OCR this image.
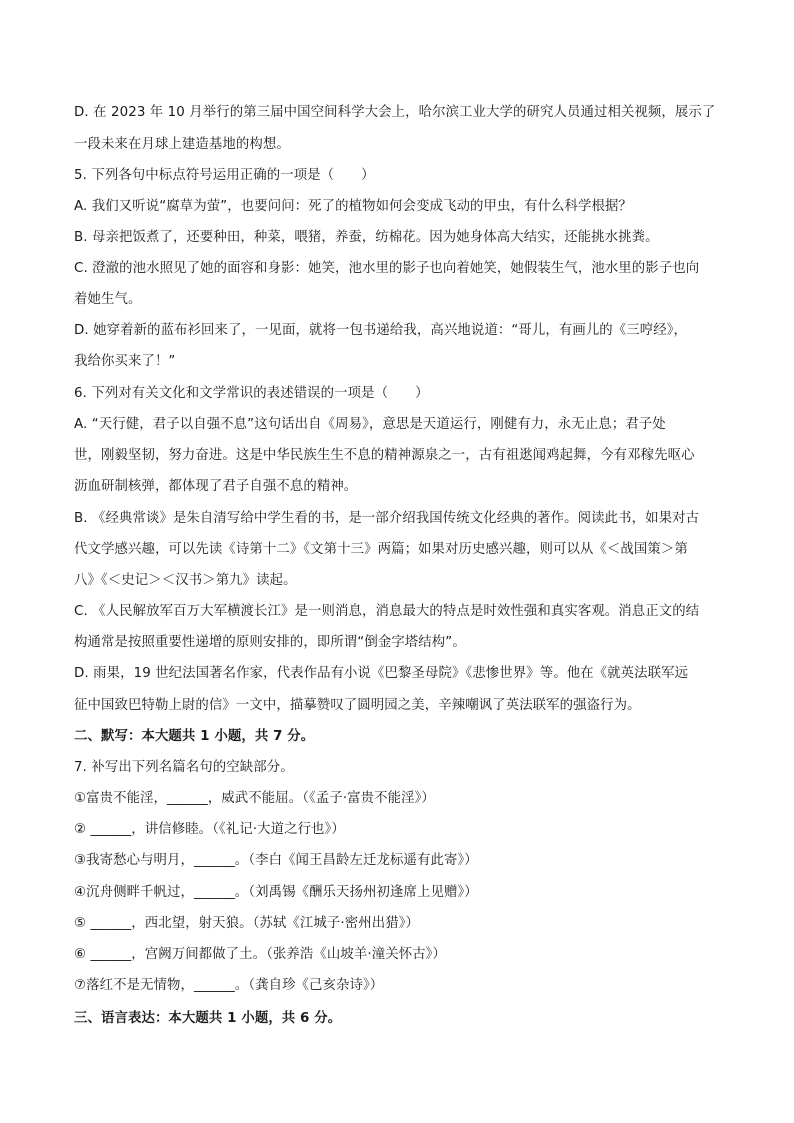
D. 在 2023 年 10 月举行的第三届中国空间科学大会上，哈尔滨工业大学的研究人员通过相关视频，展示了
一段未来在月球上建造基地的构想。
5. 下列各句中标点符号运用正确的一项是（　　）
A. 我们又听说“腐草为萤”，也要问问：死了的植物如何会变成飞动的甲虫，有什么科学根据？
B. 母亲把饭煮了，还要种田，种菜，喂猪，养蚕，纺棉花。因为她身体高大结实，还能挑水挑粪。
C. 澄澈的池水照见了她的面容和身影：她笑，池水里的影子也向着她笑，她假装生气，池水里的影子也向
着她生气。
D. 她穿着新的蓝布衫回来了，一见面，就将一包书递给我，高兴地说道：“哥儿，有画儿的《三哼经》，
我给你买来了！”
6. 下列对有关文化和文学常识的表述错误的一项是（　　）
A. “天行健，君子以自强不息”这句话出自《周易》，意思是天道运行，刚健有力，永无止息；君子处
世，刚毅坚韧，努力奋进。这是中华民族生生不息的精神源泉之一，古有祖逖闻鸡起舞，今有邓稼先呕心
沥血研制核弹，都体现了君子自强不息的精神。
B. 《经典常谈》是朱自清写给中学生看的书，是一部介绍我国传统文化经典的著作。阅读此书，如果对古
代文学感兴趣，可以先读《诗第十二》《文第十三》两篇；如果对历史感兴趣，则可以从《＜战国策＞第
八》《＜史记＞＜汉书＞第九》读起。
C. 《人民解放军百万大军横渡长江》是一则消息，消息最大的特点是时效性强和真实客观。消息正文的结
构通常是按照重要性递增的原则安排的，即所谓“倒金字塔结构”。
D. 雨果，19 世纪法国著名作家，代表作品有小说《巴黎圣母院》《悲惨世界》等。他在《就英法联军远
征中国致巴特勒上尉的信》一文中，描摹赞叹了圆明园之美，辛辣嘲讽了英法联军的强盗行为。
二、默写：本大题共 1 小题，共 7 分。
7. 补写出下列名篇名句的空缺部分。
①富贵不能淫，______，威武不能屈。（《孟子·富贵不能淫》）
② ______，讲信修睦。（《礼记·大道之行也》）
③我寄愁心与明月，______。（李白《闻王昌龄左迁龙标遥有此寄》）
④沉舟侧畔千帆过，______。（刘禹锡《酬乐天扬州初逢席上见赠》）
⑤ ______，西北望，射天狼。（苏轼《江城子·密州出猎》）
⑥ ______，宫阙万间都做了土。（张养浩《山坡羊·潼关怀古》）
⑦落红不是无情物，______。（龚自珍《己亥杂诗》）
三、语言表达：本大题共 1 小题，共 6 分。
